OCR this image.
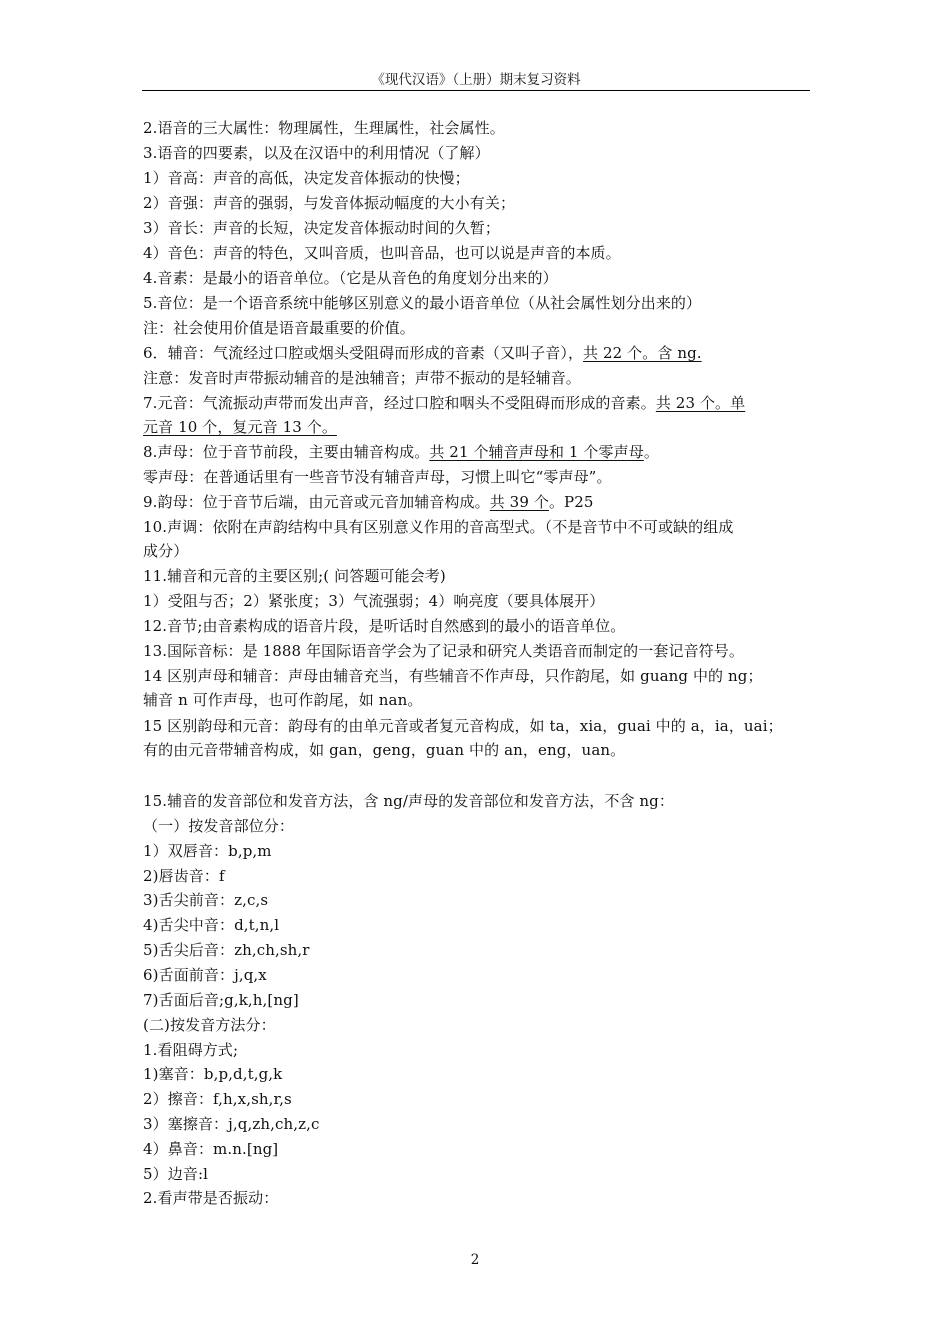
《现代汉语》（上册）期末复习资料
2.语音的三大属性：物理属性，生理属性，社会属性。
3.语音的四要素，以及在汉语中的利用情况（了解）
1）音高：声音的高低，决定发音体振动的快慢；
2）音强：声音的强弱，与发音体振动幅度的大小有关；
3）音长：声音的长短，决定发音体振动时间的久暂；
4）音色：声音的特色，又叫音质，也叫音品，也可以说是声音的本质。
4.音素：是最小的语音单位。（它是从音色的角度划分出来的）
5.音位：是一个语音系统中能够区别意义的最小语音单位（从社会属性划分出来的）
注：社会使用价值是语音最重要的价值。
6．辅音：气流经过口腔或烟头受阻碍而形成的音素（又叫子音），共 22 个。含 ng.
注意：发音时声带振动辅音的是浊辅音；声带不振动的是轻辅音。
7.元音：气流振动声带而发出声音，经过口腔和咽头不受阻碍而形成的音素。共 23 个。单
元音 10 个，复元音 13 个。
8.声母：位于音节前段，主要由辅音构成。共 21 个辅音声母和 1 个零声母。
零声母：在普通话里有一些音节没有辅音声母，习惯上叫它“零声母”。
9.韵母：位于音节后端，由元音或元音加辅音构成。共 39 个。P25
10.声调：依附在声韵结构中具有区别意义作用的音高型式。（不是音节中不可或缺的组成
成分）
11.辅音和元音的主要区别;( 问答题可能会考)
1）受阻与否；2）紧张度；3）气流强弱；4）响亮度（要具体展开）
12.音节;由音素构成的语音片段，是听话时自然感到的最小的语音单位。
13.国际音标：是 1888 年国际语音学会为了记录和研究人类语音而制定的一套记音符号。
14 区别声母和辅音：声母由辅音充当，有些辅音不作声母，只作韵尾，如 guang 中的 ng；
辅音 n 可作声母，也可作韵尾，如 nan。
15 区别韵母和元音：韵母有的由单元音或者复元音构成，如 ta，xia，guai 中的 a，ia，uai；
有的由元音带辅音构成，如 gan，geng，guan 中的 an，eng，uan。
15.辅音的发音部位和发音方法，含 ng/声母的发音部位和发音方法，不含 ng：
（一）按发音部位分：
1）双唇音：b,p,m
2)唇齿音：f
3)舌尖前音：z,c,s
4)舌尖中音：d,t,n,l
5)舌尖后音：zh,ch,sh,r
6)舌面前音：j,q,x
7)舌面后音;g,k,h,[ng]
(二)按发音方法分：
1.看阻碍方式;
1)塞音：b,p,d,t,g,k
2）擦音：f,h,x,sh,r,s
3）塞擦音：j,q,zh,ch,z,c
4）鼻音：m.n.[ng]
5）边音:l
2.看声带是否振动：
2
